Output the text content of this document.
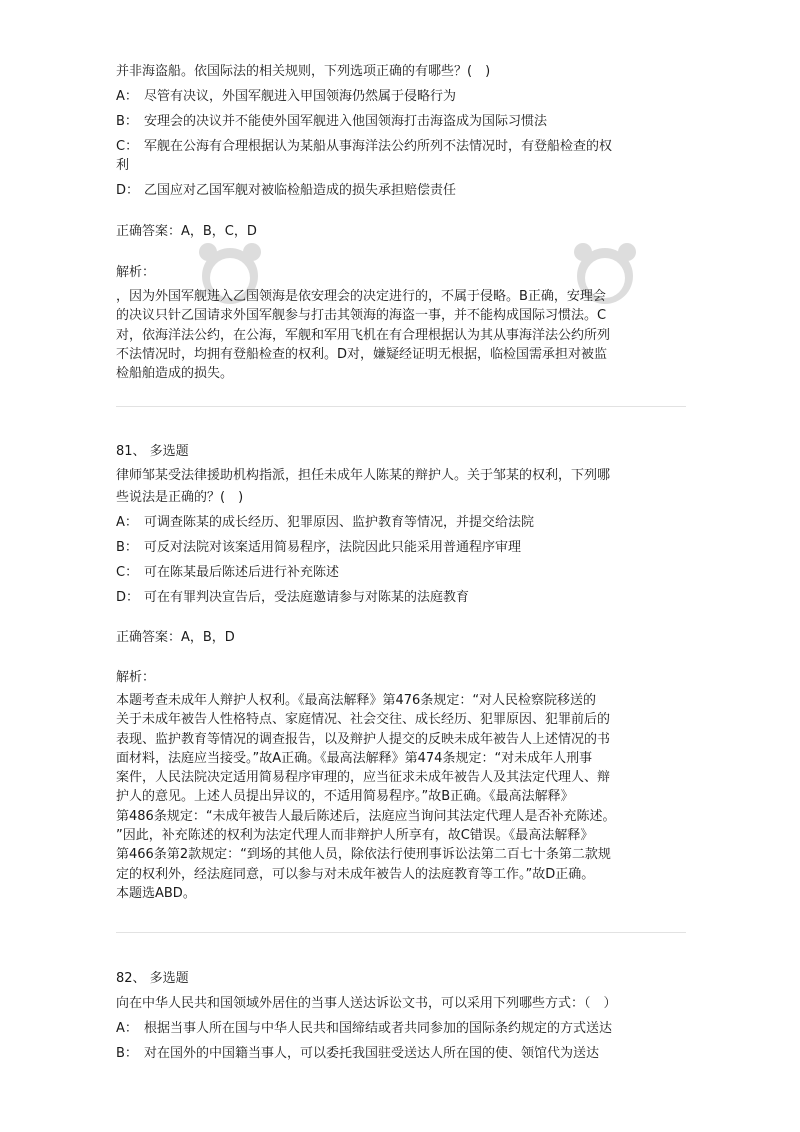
并非海盗船。依国际法的相关规则，下列选项正确的有哪些？(　)
A： 尽管有决议，外国军舰进入甲国领海仍然属于侵略行为
B： 安理会的决议并不能使外国军舰进入他国领海打击海盗成为国际习惯法
C： 军舰在公海有合理根据认为某船从事海洋法公约所列不法情况时，有登船检查的权
利
D： 乙国应对乙国军舰对被临检船造成的损失承担赔偿责任
正确答案：A，B，C，D
解析：
，因为外国军舰进入乙国领海是依安理会的决定进行的，不属于侵略。B正确，安理会
的决议只针乙国请求外国军舰参与打击其领海的海盗一事，并不能构成国际习惯法。C
对，依海洋法公约，在公海，军舰和军用飞机在有合理根据认为其从事海洋法公约所列
不法情况时，均拥有登船检查的权利。D对，嫌疑经证明无根据，临检国需承担对被监
检船舶造成的损失。
81、 多选题
律师邹某受法律援助机构指派，担任未成年人陈某的辩护人。关于邹某的权利，下列哪
些说法是正确的？(　)
A： 可调查陈某的成长经历、犯罪原因、监护教育等情况，并提交给法院
B： 可反对法院对该案适用简易程序，法院因此只能采用普通程序审理
C： 可在陈某最后陈述后进行补充陈述
D： 可在有罪判决宣告后，受法庭邀请参与对陈某的法庭教育
正确答案：A，B，D
解析：
本题考查未成年人辩护人权利。《最高法解释》第476条规定：“对人民检察院移送的
关于未成年被告人性格特点、家庭情况、社会交往、成长经历、犯罪原因、犯罪前后的
表现、监护教育等情况的调查报告，以及辩护人提交的反映未成年被告人上述情况的书
面材料，法庭应当接受。”故A正确。《最高法解释》第474条规定：“对未成年人刑事
案件，人民法院决定适用简易程序审理的，应当征求未成年被告人及其法定代理人、辩
护人的意见。上述人员提出异议的，不适用简易程序。”故B正确。《最高法解释》
第486条规定：“未成年被告人最后陈述后，法庭应当询问其法定代理人是否补充陈述。
”因此，补充陈述的权利为法定代理人而非辩护人所享有，故C错误。《最高法解释》
第466条第2款规定：“到场的其他人员，除依法行使刑事诉讼法第二百七十条第二款规
定的权利外，经法庭同意，可以参与对未成年被告人的法庭教育等工作。”故D正确。
本题选ABD。
82、 多选题
向在中华人民共和国领域外居住的当事人送达诉讼文书，可以采用下列哪些方式：（　）
A： 根据当事人所在国与中华人民共和国缔结或者共同参加的国际条约规定的方式送达
B： 对在国外的中国籍当事人，可以委托我国驻受送达人所在国的使、领馆代为送达
